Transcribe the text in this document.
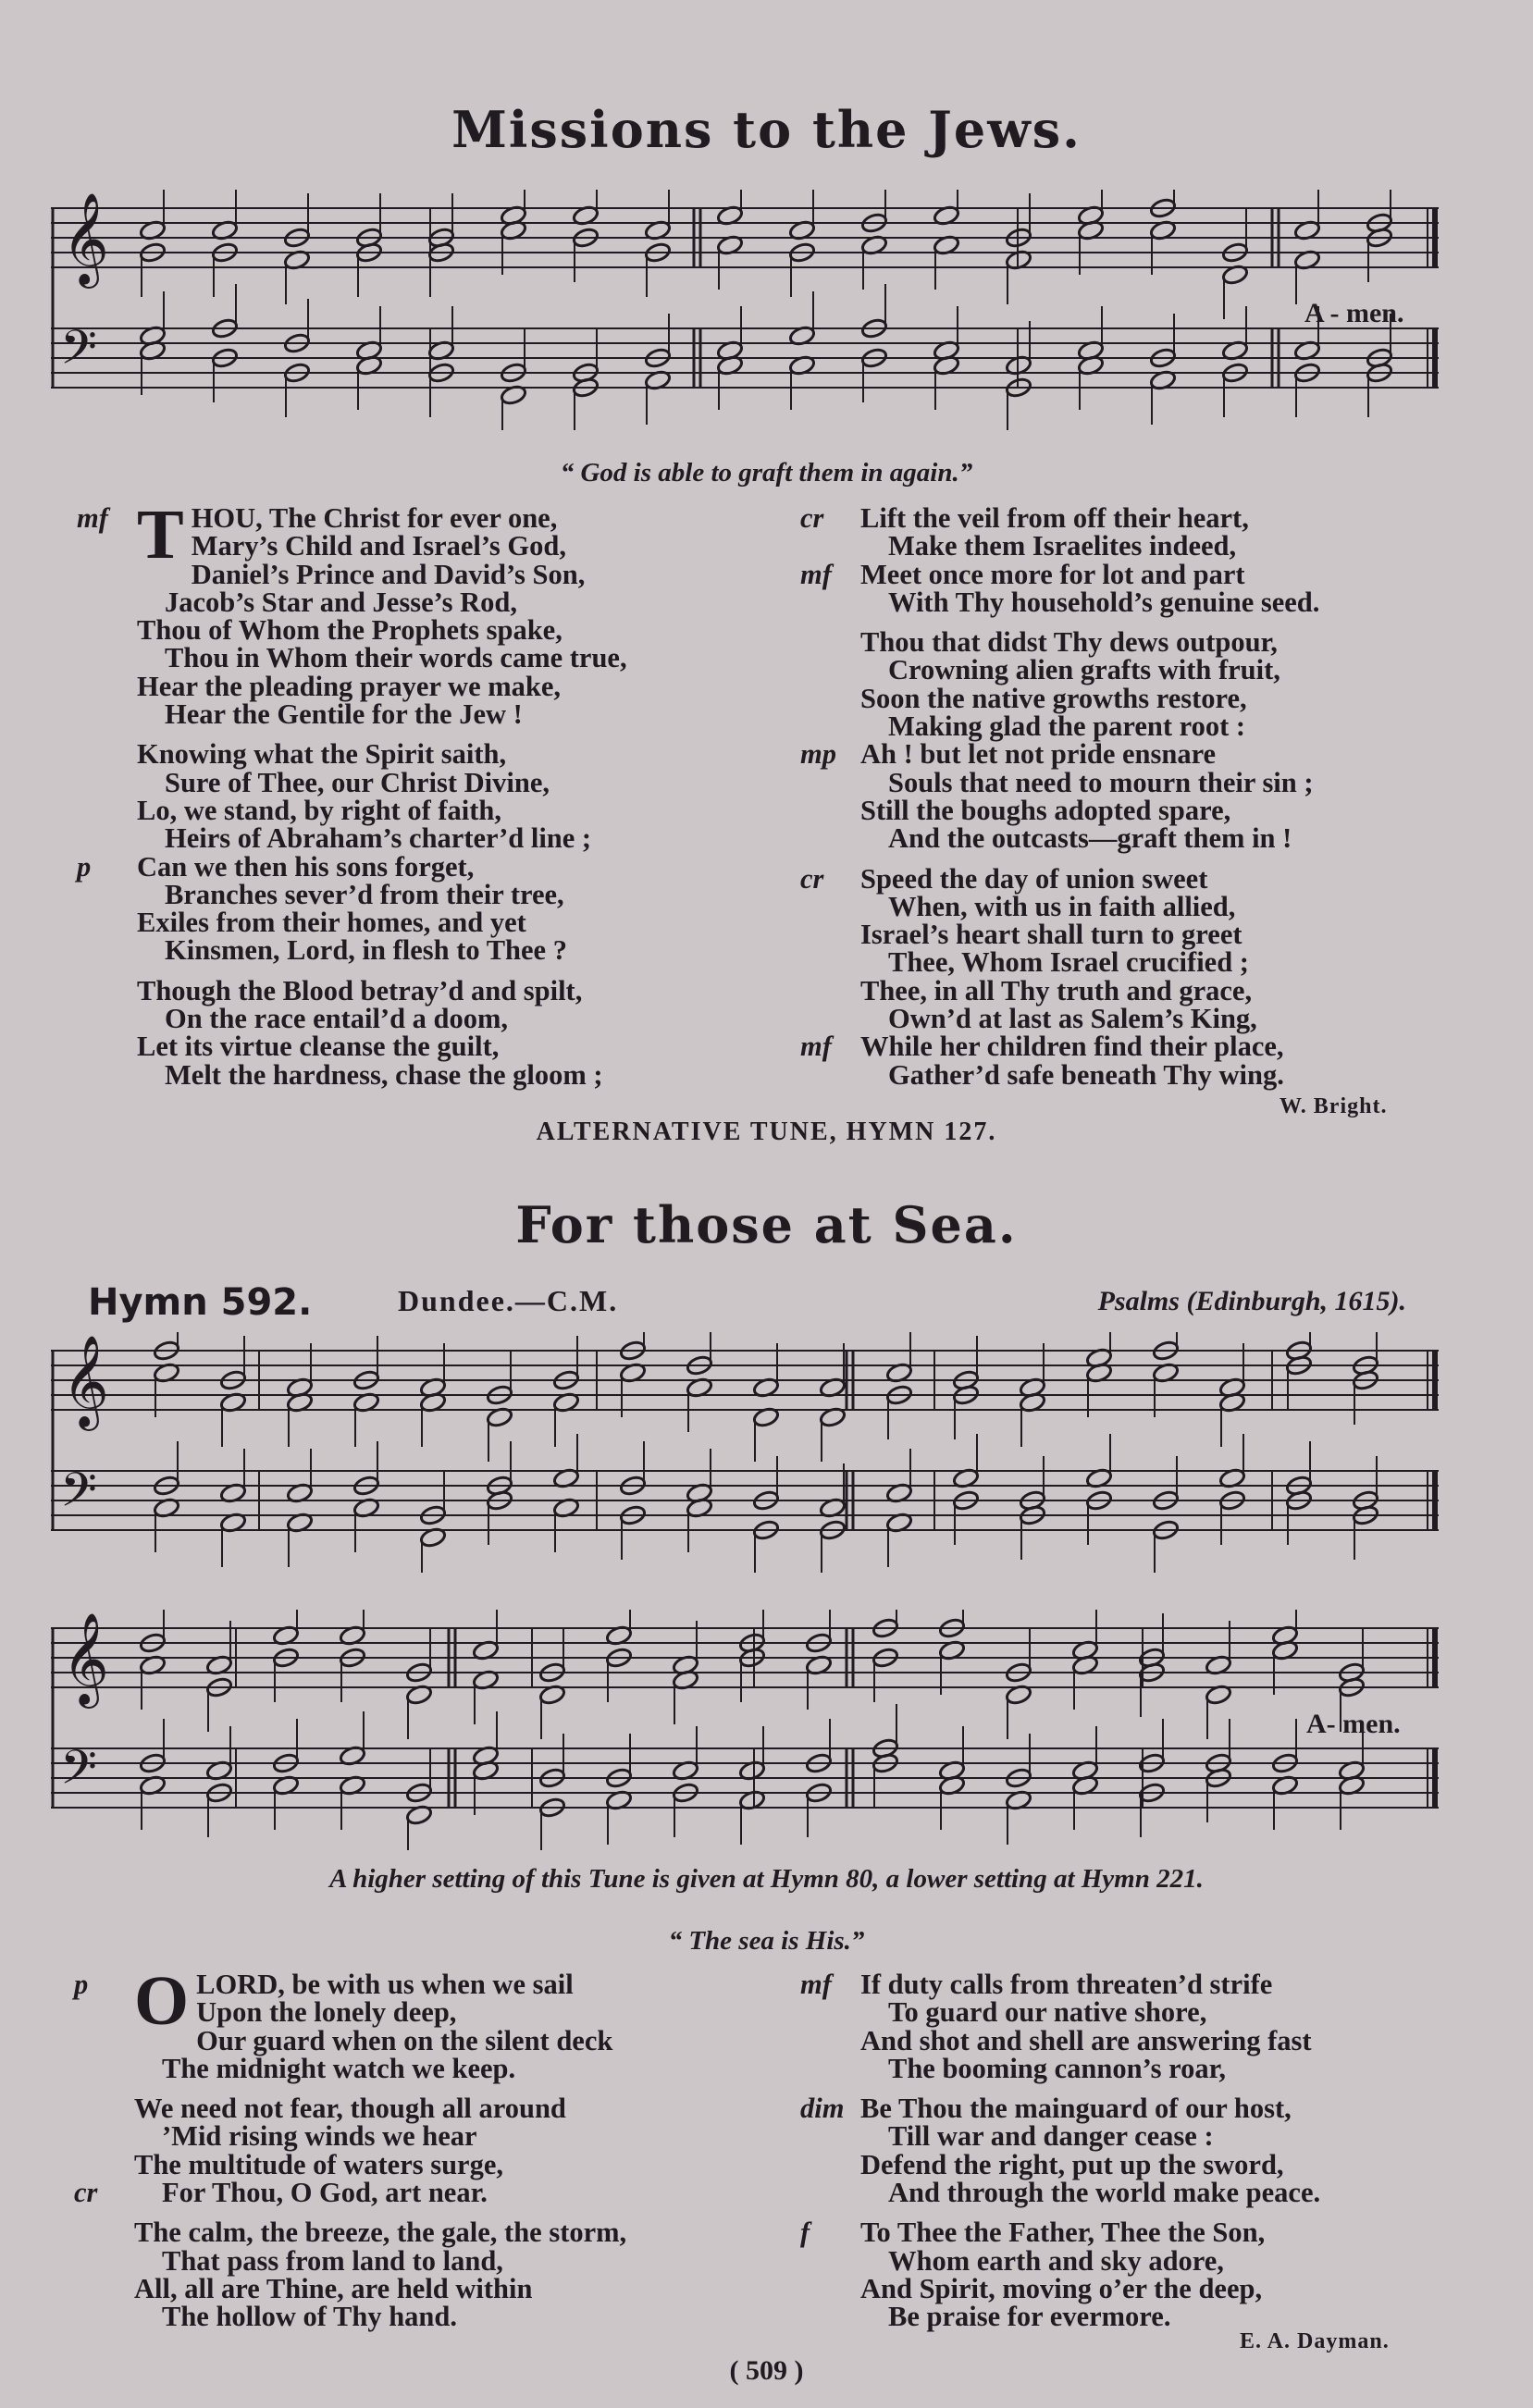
Missions to the Jews.
𝄞
𝄢
A - men.
“ God is able to graft them in again.”
mf T HOU, The Christ for ever one,
Mary’s Child and Israel’s God,
Daniel’s Prince and David’s Son,
Jacob’s Star and Jesse’s Rod,
Thou of Whom the Prophets spake,
Thou in Whom their words came true,
Hear the pleading prayer we make,
Hear the Gentile for the Jew !
Knowing what the Spirit saith,
Sure of Thee, our Christ Divine,
Lo, we stand, by right of faith,
Heirs of Abraham’s charter’d line ;
p Can we then his sons forget,
Branches sever’d from their tree,
Exiles from their homes, and yet
Kinsmen, Lord, in flesh to Thee ?
Though the Blood betray’d and spilt,
On the race entail’d a doom,
Let its virtue cleanse the guilt,
Melt the hardness, chase the gloom ;
cr Lift the veil from off their heart,
Make them Israelites indeed,
mf Meet once more for lot and part
With Thy household’s genuine seed.
Thou that didst Thy dews outpour,
Crowning alien grafts with fruit,
Soon the native growths restore,
Making glad the parent root :
mp Ah ! but let not pride ensnare
Souls that need to mourn their sin ;
Still the boughs adopted spare,
And the outcasts—graft them in !
cr Speed the day of union sweet
When, with us in faith allied,
Israel’s heart shall turn to greet
Thee, Whom Israel crucified ;
Thee, in all Thy truth and grace,
Own’d at last as Salem’s King,
mf While her children find their place,
Gather’d safe beneath Thy wing.
W. Bright.
ALTERNATIVE TUNE, HYMN 127.
For those at Sea.
Hymn 592.	Dundee.—C.M.	Psalms (Edinburgh, 1615).
𝄞
𝄢
𝄞
𝄢
A- men.
A higher setting of this Tune is given at Hymn 80, a lower setting at Hymn 221.
“ The sea is His.”
p O LORD, be with us when we sail
Upon the lonely deep,
Our guard when on the silent deck
The midnight watch we keep.
We need not fear, though all around
’Mid rising winds we hear
The multitude of waters surge,
cr For Thou, O God, art near.
The calm, the breeze, the gale, the storm,
That pass from land to land,
All, all are Thine, are held within
The hollow of Thy hand.
mf If duty calls from threaten’d strife
To guard our native shore,
And shot and shell are answering fast
The booming cannon’s roar,
dim Be Thou the mainguard of our host,
Till war and danger cease :
Defend the right, put up the sword,
And through the world make peace.
f To Thee the Father, Thee the Son,
Whom earth and sky adore,
And Spirit, moving o’er the deep,
Be praise for evermore.
E. A. Dayman.
( 509 )
